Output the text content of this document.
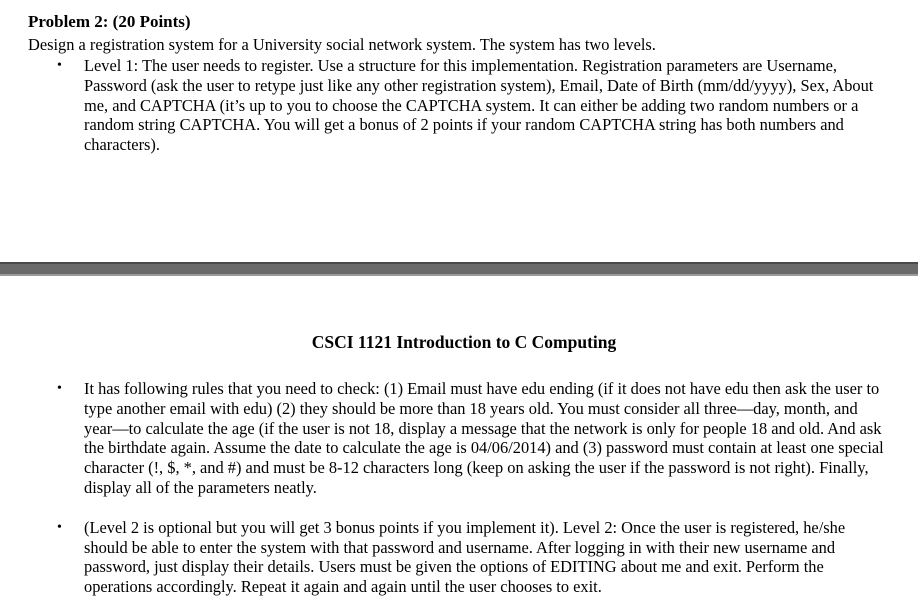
Problem 2: (20 Points)

Design a registration system for a University social network system. The system has two levels.

• Level 1: The user needs to register. Use a structure for this implementation. Registration parameters are Username, Password (ask the user to retype just like any other registration system), Email, Date of Birth (mm/dd/yyyy), Sex, About me, and CAPTCHA (it’s up to you to choose the CAPTCHA system. It can either be adding two random numbers or a random string CAPTCHA. You will get a bonus of 2 points if your random CAPTCHA string has both numbers and characters).
CSCI 1121 Introduction to C Computing
• It has following rules that you need to check: (1) Email must have edu ending (if it does not have edu then ask the user to type another email with edu) (2) they should be more than 18 years old. You must consider all three—day, month, and year—to calculate the age (if the user is not 18, display a message that the network is only for people 18 and old. And ask the birthdate again. Assume the date to calculate the age is 04/06/2014) and (3) password must contain at least one special character (!, $, *, and #) and must be 8-12 characters long (keep on asking the user if the password is not right). Finally, display all of the parameters neatly.
• (Level 2 is optional but you will get 3 bonus points if you implement it). Level 2: Once the user is registered, he/she should be able to enter the system with that password and username. After logging in with their new username and password, just display their details. Users must be given the options of EDITING about me and exit. Perform the operations accordingly. Repeat it again and again until the user chooses to exit.
